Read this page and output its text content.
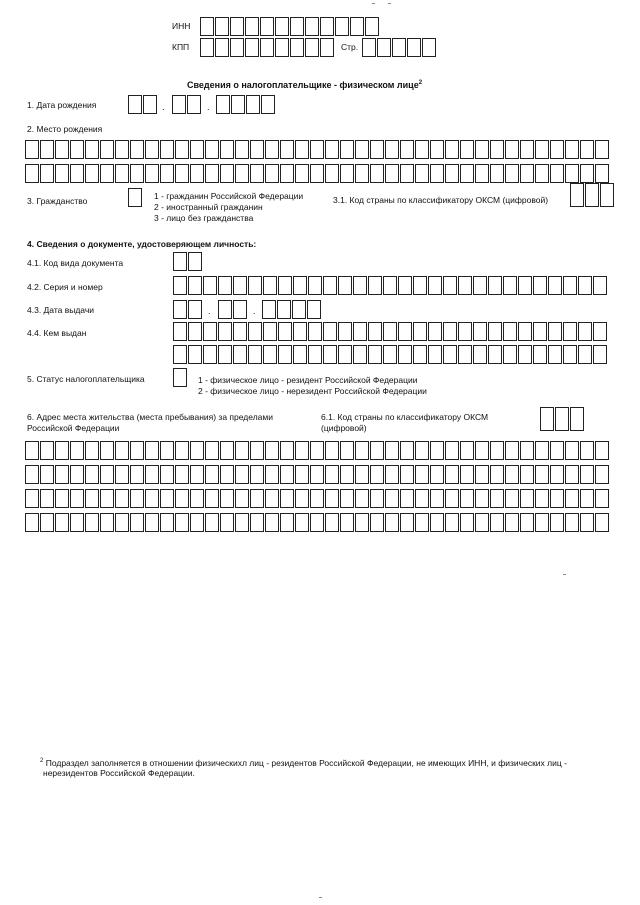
ИНН
КПП	Стр.
Сведения о налогоплательщике - физическом лице$^2$
1. Дата рождения	.	.
2. Место рождения
3. Гражданство	1 - гражданин Российской Федерации
2 - иностранный гражданин
3 - лицо без гражданства
3.1. Код страны по классификатору ОКСМ (цифровой)
4. Сведения о документе, удостоверяющем личность:
4.1. Код вида документа
4.2. Серия и номер
4.3. Дата выдачи	.	.
4.4. Кем выдан
5. Статус налогоплательщика	1 - физическое лицо - резидент Российской Федерации
2 - физическое лицо - нерезидент Российской Федерации
6. Адрес места жительства (места пребывания) за пределами
Российской Федерации
6.1. Код страны по классификатору ОКСМ
(цифровой)
$^2$ Подраздел заполняется в отношении физическихл лиц - резидентов Российской Федерации, не имеющих ИНН, и физических лиц -
нерезидентов Российской Федерации.
